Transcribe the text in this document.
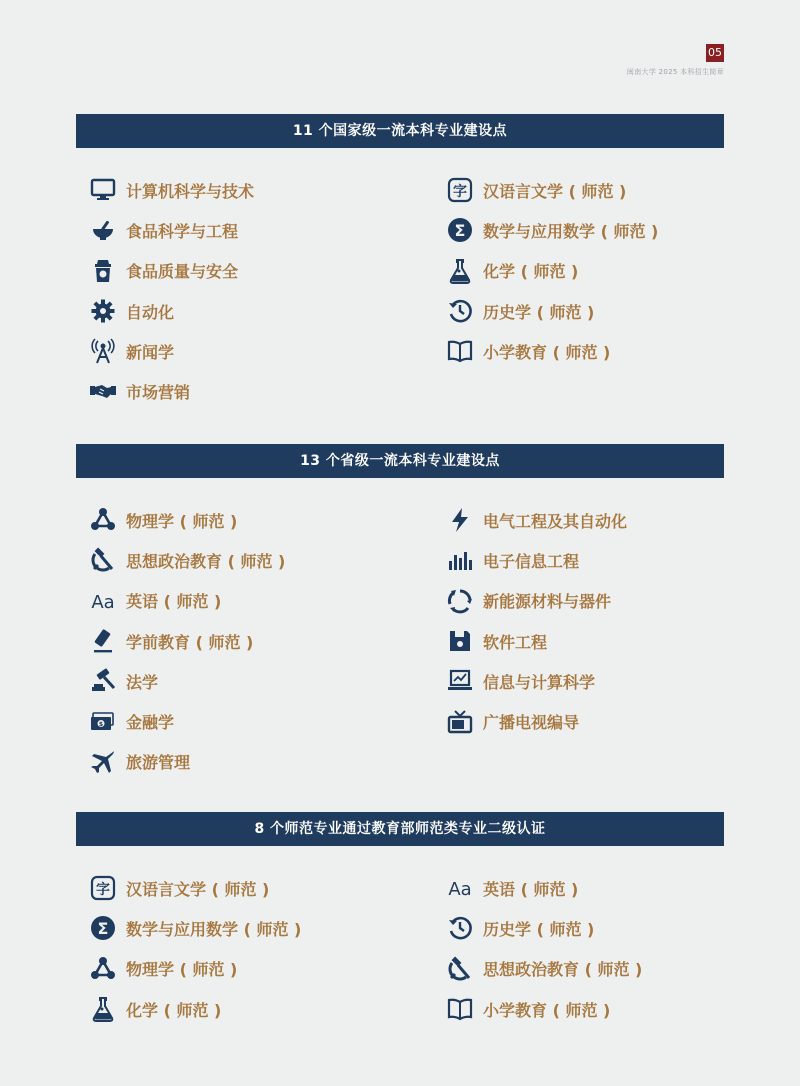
05
闽南大学 2025 本科招生简章
11 个国家级一流本科专业建设点
计算机科学与技术
食品科学与工程
食品质量与安全
自动化
新闻学
市场营销
字 汉语言文学 ( 师范 )
Σ 数学与应用数学 ( 师范 )
化学 ( 师范 )
历史学 ( 师范 )
小学教育 ( 师范 )
13 个省级一流本科专业建设点
物理学 ( 师范 )
思想政治教育 ( 师范 )
Aa 英语 ( 师范 )
学前教育 ( 师范 )
法学
$ 金融学
旅游管理
电气工程及其自动化
电子信息工程
新能源材料与器件
软件工程
信息与计算科学
广播电视编导
8 个师范专业通过教育部师范类专业二级认证
字 汉语言文学 ( 师范 )
Σ 数学与应用数学 ( 师范 )
物理学 ( 师范 )
化学 ( 师范 )
Aa 英语 ( 师范 )
历史学 ( 师范 )
思想政治教育 ( 师范 )
小学教育 ( 师范 )
